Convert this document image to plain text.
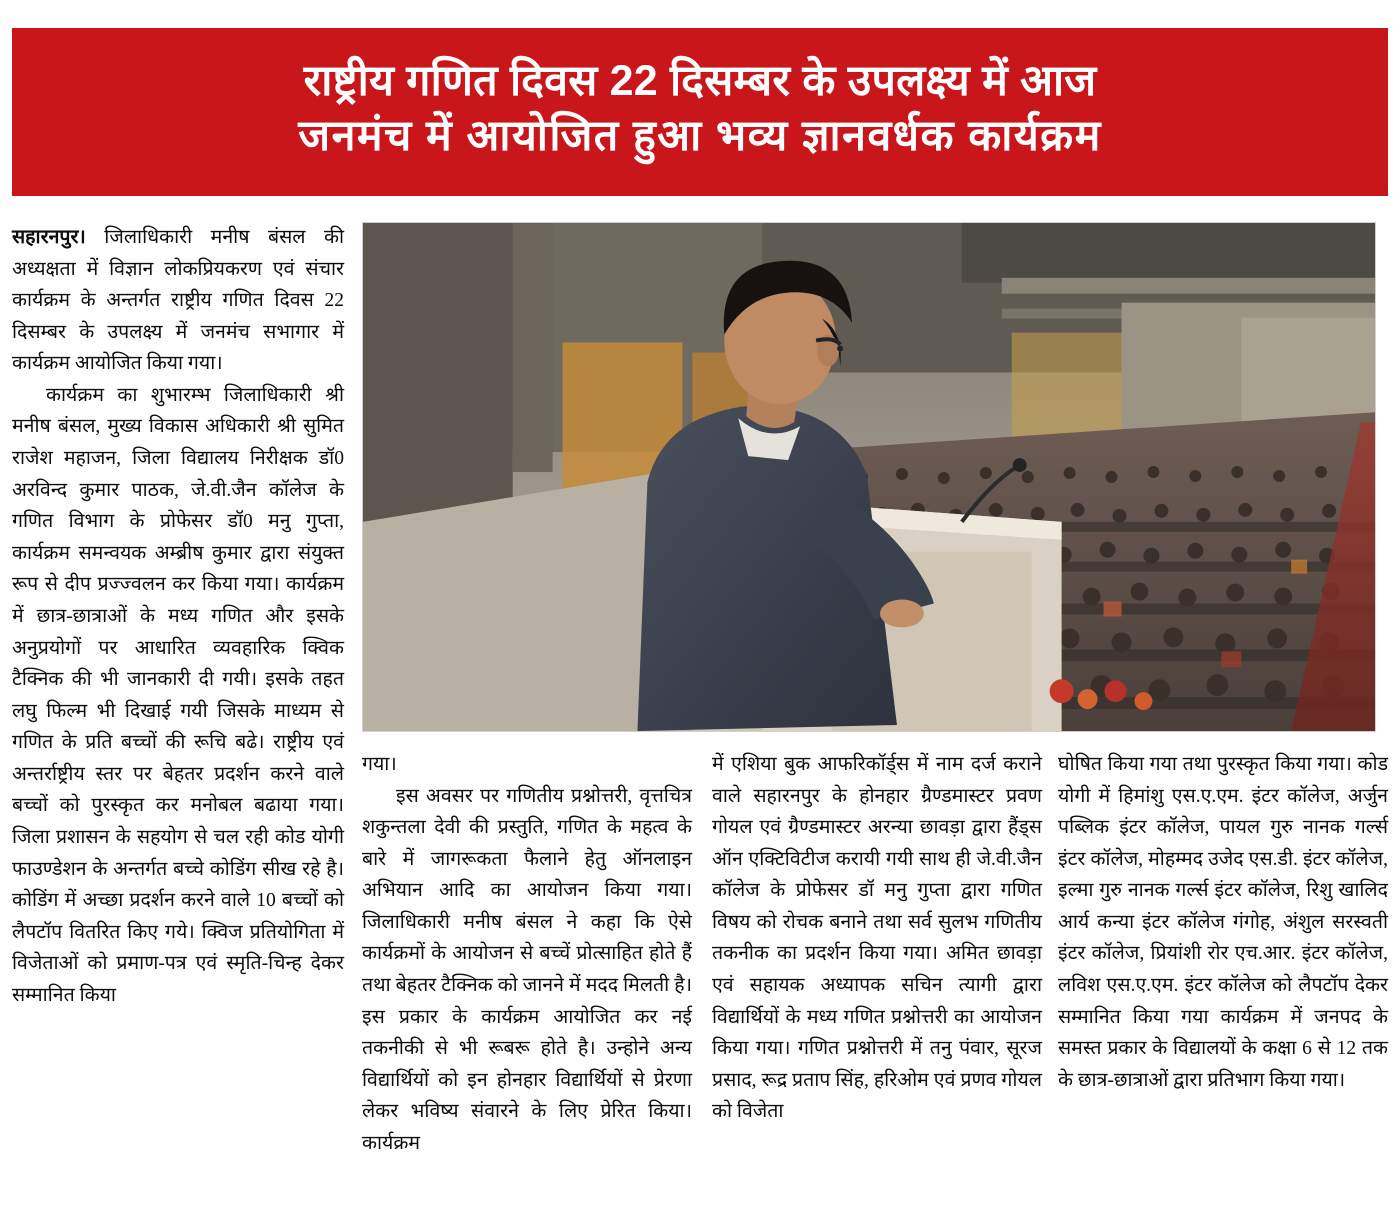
राष्ट्रीय गणित दिवस 22 दिसम्बर के उपलक्ष्य में आज
जनमंच में आयोजित हुआ भव्य ज्ञानवर्धक कार्यक्रम

सहारनपुर। जिलाधिकारी मनीष बंसल की अध्यक्षता में विज्ञान लोकप्रियकरण एवं संचार कार्यक्रम के अन्तर्गत राष्ट्रीय गणित दिवस 22 दिसम्बर के उपलक्ष्य में जनमंच सभागार में कार्यक्रम आयोजित किया गया।

कार्यक्रम का शुभारम्भ जिलाधिकारी श्री मनीष बंसल, मुख्य विकास अधिकारी श्री सुमित राजेश महाजन, जिला विद्यालय निरीक्षक डॉ0 अरविन्द कुमार पाठक, जे.वी.जैन कॉलेज के गणित विभाग के प्रोफेसर डॉ0 मनु गुप्ता, कार्यक्रम समन्वयक अम्ब्रीष कुमार द्वारा संयुक्त रूप से दीप प्रज्ज्वलन कर किया गया। कार्यक्रम में छात्र-छात्राओं के मध्य गणित और इसके अनुप्रयोगों पर आधारित व्यवहारिक क्विक टैक्निक की भी जानकारी दी गयी। इसके तहत लघु फिल्म भी दिखाई गयी जिसके माध्यम से गणित के प्रति बच्चों की रूचि बढे। राष्ट्रीय एवं अन्तर्राष्ट्रीय स्तर पर बेहतर प्रदर्शन करने वाले बच्चों को पुरस्कृत कर मनोबल बढाया गया। जिला प्रशासन के सहयोग से चल रही कोड योगी फाउण्डेशन के अन्तर्गत बच्चे कोडिंग सीख रहे है। कोडिंग में अच्छा प्रदर्शन करने वाले 10 बच्चों को लैपटॉप वितरित किए गये। क्विज प्रतियोगिता में विजेताओं को प्रमाण-पत्र एवं स्मृति-चिन्ह देकर सम्मानित किया

गया।

इस अवसर पर गणितीय प्रश्नोत्तरी, वृत्तचित्र शकुन्तला देवी की प्रस्तुति, गणित के महत्व के बारे में जागरूकता फैलाने हेतु ऑनलाइन अभियान आदि का आयोजन किया गया। जिलाधिकारी मनीष बंसल ने कहा कि ऐसे कार्यक्रमों के आयोजन से बच्चें प्रोत्साहित होते हैं तथा बेहतर टैक्निक को जानने में मदद मिलती है। इस प्रकार के कार्यक्रम आयोजित कर नई तकनीकी से भी रूबरू होते है। उन्होने अन्य विद्यार्थियों को इन होनहार विद्यार्थियों से प्रेरणा लेकर भविष्य संवारने के लिए प्रेरित किया। कार्यक्रम

में एशिया बुक आफरिकॉर्ड्स में नाम दर्ज कराने वाले सहारनपुर के होनहार ग्रैण्डमास्टर प्रवण गोयल एवं ग्रैण्डमास्टर अरन्या छावड़ा द्वारा हैंड्स ऑन एक्टिविटीज करायी गयी साथ ही जे.वी.जैन कॉलेज के प्रोफेसर डॉ मनु गुप्ता द्वारा गणित विषय को रोचक बनाने तथा सर्व सुलभ गणितीय तकनीक का प्रदर्शन किया गया। अमित छावड़ा एवं सहायक अध्यापक सचिन त्यागी द्वारा विद्यार्थियों के मध्य गणित प्रश्नोत्तरी का आयोजन किया गया। गणित प्रश्नोत्तरी में तनु पंवार, सूरज प्रसाद, रूद्र प्रताप सिंह, हरिओम एवं प्रणव गोयल को विजेता

घोषित किया गया तथा पुरस्कृत किया गया। कोड योगी में हिमांशु एस.ए.एम. इंटर कॉलेज, अर्जुन पब्लिक इंटर कॉलेज, पायल गुरु नानक गर्ल्स इंटर कॉलेज, मोहम्मद उजेद एस.डी. इंटर कॉलेज, इल्मा गुरु नानक गर्ल्स इंटर कॉलेज, रिशु खालिद आर्य कन्या इंटर कॉलेज गंगोह, अंशुल सरस्वती इंटर कॉलेज, प्रियांशी रोर एच.आर. इंटर कॉलेज, लविश एस.ए.एम. इंटर कॉलेज को लैपटॉप देकर सम्मानित किया गया कार्यक्रम में जनपद के समस्त प्रकार के विद्यालयों के कक्षा 6 से 12 तक के छात्र-छात्राओं द्वारा प्रतिभाग किया गया।
